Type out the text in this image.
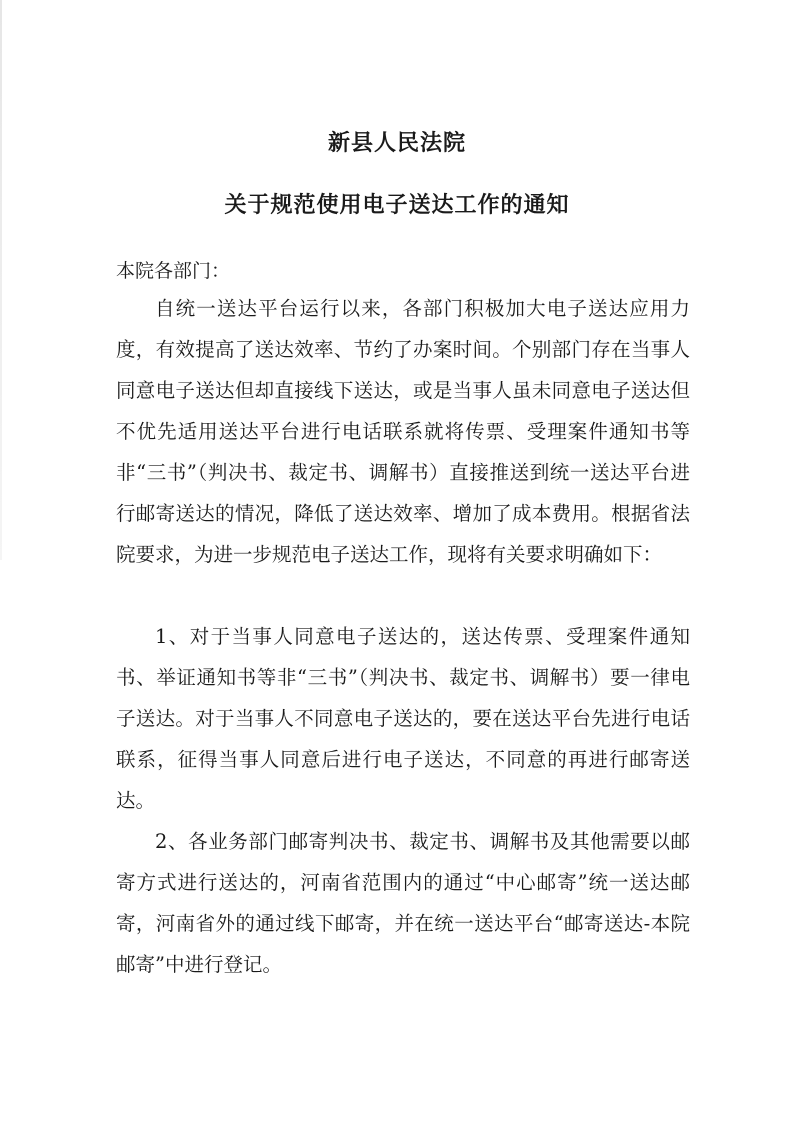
新县人民法院
关于规范使用电子送达工作的通知
本院各部门：

自统一送达平台运行以来，各部门积极加大电子送达应用力度，有效提高了送达效率、节约了办案时间。个别部门存在当事人同意电子送达但却直接线下送达，或是当事人虽未同意电子送达但不优先适用送达平台进行电话联系就将传票、受理案件通知书等非“三书”（判决书、裁定书、调解书）直接推送到统一送达平台进行邮寄送达的情况，降低了送达效率、增加了成本费用。根据省法院要求，为进一步规范电子送达工作，现将有关要求明确如下：

1、对于当事人同意电子送达的，送达传票、受理案件通知书、举证通知书等非“三书”（判决书、裁定书、调解书）要一律电子送达。对于当事人不同意电子送达的，要在送达平台先进行电话联系，征得当事人同意后进行电子送达，不同意的再进行邮寄送达。

2、各业务部门邮寄判决书、裁定书、调解书及其他需要以邮寄方式进行送达的，河南省范围内的通过“中心邮寄”统一送达邮寄，河南省外的通过线下邮寄，并在统一送达平台“邮寄送达-本院邮寄”中进行登记。
